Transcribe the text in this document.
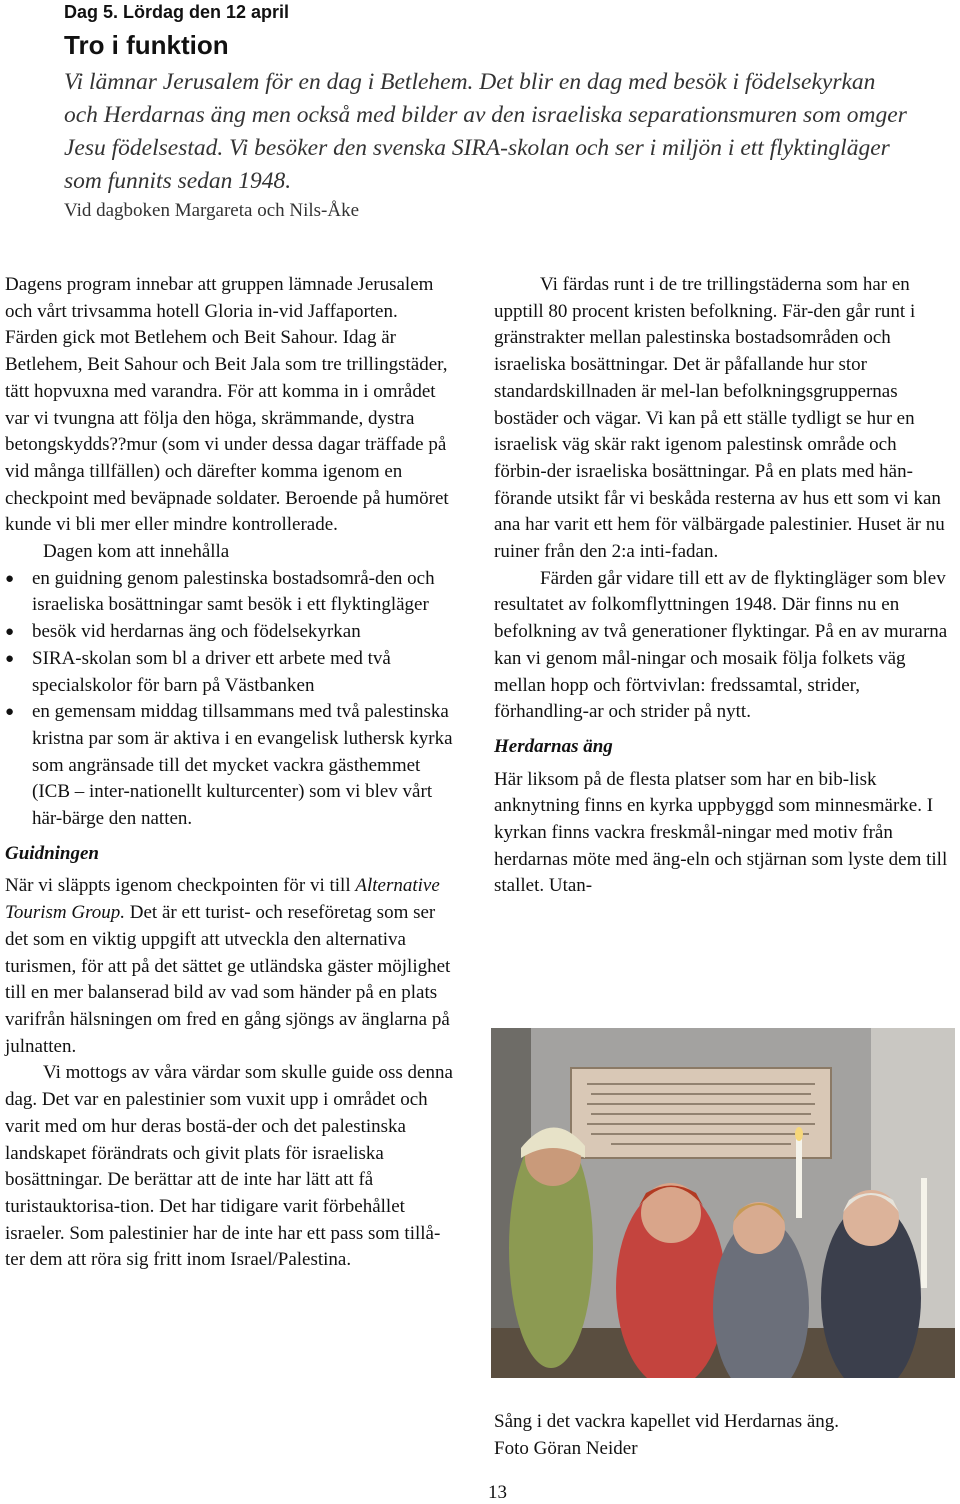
Dag 5. Lördag den 12 april
Tro i funktion

Vi lämnar Jerusalem för en dag i Betlehem. Det blir en dag med besök i födelsekyrkan och Herdarnas äng men också med bilder av den israeliska separationsmuren som omger Jesu födelsestad. Vi besöker den svenska SIRA-skolan och ser i miljön i ett flyktingläger som funnits sedan 1948.

Vid dagboken Margareta och Nils-Åke

Dagens program innebar att gruppen lämnade Jerusalem och vårt trivsamma hotell Gloria in-vid Jaffaporten. Färden gick mot Betlehem och Beit Sahour. Idag är Betlehem, Beit Sahour och Beit Jala som tre trillingstäder, tätt hopvuxna med varandra. För att komma in i området var vi tvungna att följa den höga, skrämmande, dystra betongskydds??mur (som vi under dessa dagar träffade på vid många tillfällen) och därefter komma igenom en checkpoint med beväpnade soldater. Beroende på humöret kunde vi bli mer eller mindre kontrollerade.

Dagen kom att innehålla

● en guidning genom palestinska bostadsområ-den och israeliska bosättningar samt besök i ett flyktingläger
● besök vid herdarnas äng och födelsekyrkan
● SIRA-skolan som bl a driver ett arbete med två specialskolor för barn på Västbanken
● en gemensam middag tillsammans med två palestinska kristna par som är aktiva i en evangelisk luthersk kyrka som angränsade till det mycket vackra gästhemmet (ICB – inter-nationellt kulturcenter) som vi blev vårt här-bärge den natten.

Guidningen

När vi släppts igenom checkpointen för vi till Alternative Tourism Group. Det är ett turist- och reseföretag som ser det som en viktig uppgift att utveckla den alternativa turismen, för att på det sättet ge utländska gäster möjlighet till en mer balanserad bild av vad som händer på en plats varifrån hälsningen om fred en gång sjöngs av änglarna på julnatten.

Vi mottogs av våra värdar som skulle guide oss denna dag. Det var en palestinier som vuxit upp i området och varit med om hur deras bostä-der och det palestinska landskapet förändrats och givit plats för israeliska bosättningar. De berättar att de inte har lätt att få turistauktorisa-tion. Det har tidigare varit förbehållet israeler. Som palestinier har de inte har ett pass som tillå-ter dem att röra sig fritt inom Israel/Palestina.

Vi färdas runt i de tre trillingstäderna som har en upptill 80 procent kristen befolkning. Fär-den går runt i gränstrakter mellan palestinska bostadsområden och israeliska bosättningar. Det är påfallande hur stor standardskillnaden är mel-lan befolkningsgruppernas bostäder och vägar. Vi kan på ett ställe tydligt se hur en israelisk väg skär rakt igenom palestinsk område och förbin-der israeliska bosättningar. På en plats med hän-förande utsikt får vi beskåda resterna av hus ett som vi kan ana har varit ett hem för välbärgade palestinier. Huset är nu ruiner från den 2:a inti-fadan.

Färden går vidare till ett av de flyktingläger som blev resultatet av folkomflyttningen 1948. Där finns nu en befolkning av två generationer flyktingar. På en av murarna kan vi genom mål-ningar och mosaik följa folkets väg mellan hopp och förtvivlan: fredssamtal, strider, förhandling-ar och strider på nytt.

Herdarnas äng

Här liksom på de flesta platser som har en bib-lisk anknytning finns en kyrka uppbyggd som minnesmärke. I kyrkan finns vackra freskmål-ningar med motiv från herdarnas möte med äng-eln och stjärnan som lyste dem till stallet. Utan-

Sång i det vackra kapellet vid Herdarnas äng.
Foto Göran Neider

13
